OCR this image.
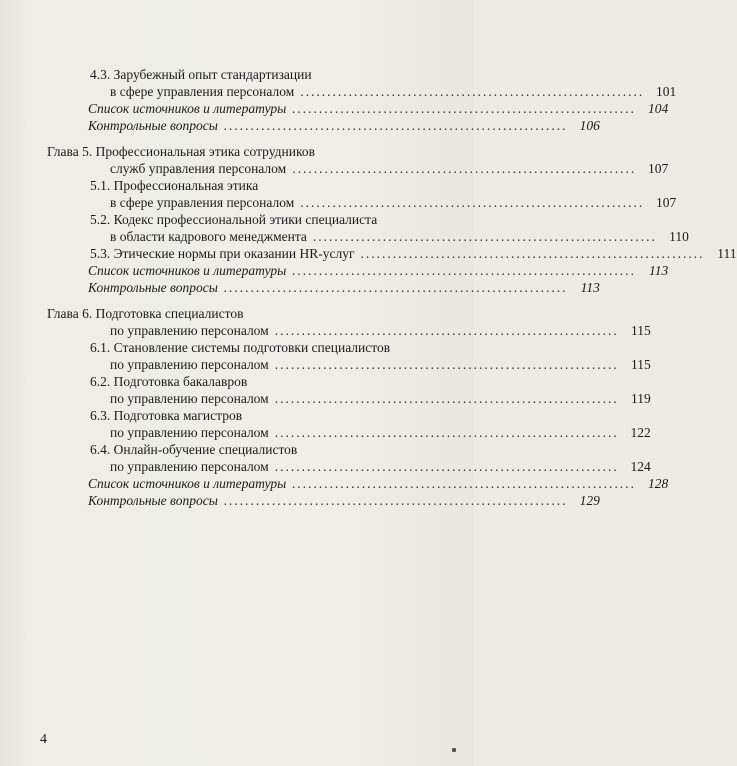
4.3. Зарубежный опыт стандартизации
в сфере управления персоналом ................................................................ 101
Список источников и литературы ................................................................ 104
Контрольные вопросы ................................................................ 106
Глава 5. Профессиональная этика сотрудников
служб управления персоналом ................................................................ 107
5.1. Профессиональная этика
в сфере управления персоналом ................................................................ 107
5.2. Кодекс профессиональной этики специалиста
в области кадрового менеджмента ................................................................ 110
5.3. Этические нормы при оказании HR-услуг ................................................................ 111
Список источников и литературы ................................................................ 113
Контрольные вопросы ................................................................ 113
Глава 6. Подготовка специалистов
по управлению персоналом ................................................................ 115
6.1. Становление системы подготовки специалистов
по управлению персоналом ................................................................ 115
6.2. Подготовка бакалавров
по управлению персоналом ................................................................ 119
6.3. Подготовка магистров
по управлению персоналом ................................................................ 122
6.4. Онлайн-обучение специалистов
по управлению персоналом ................................................................ 124
Список источников и литературы ................................................................ 128
Контрольные вопросы ................................................................ 129
4
